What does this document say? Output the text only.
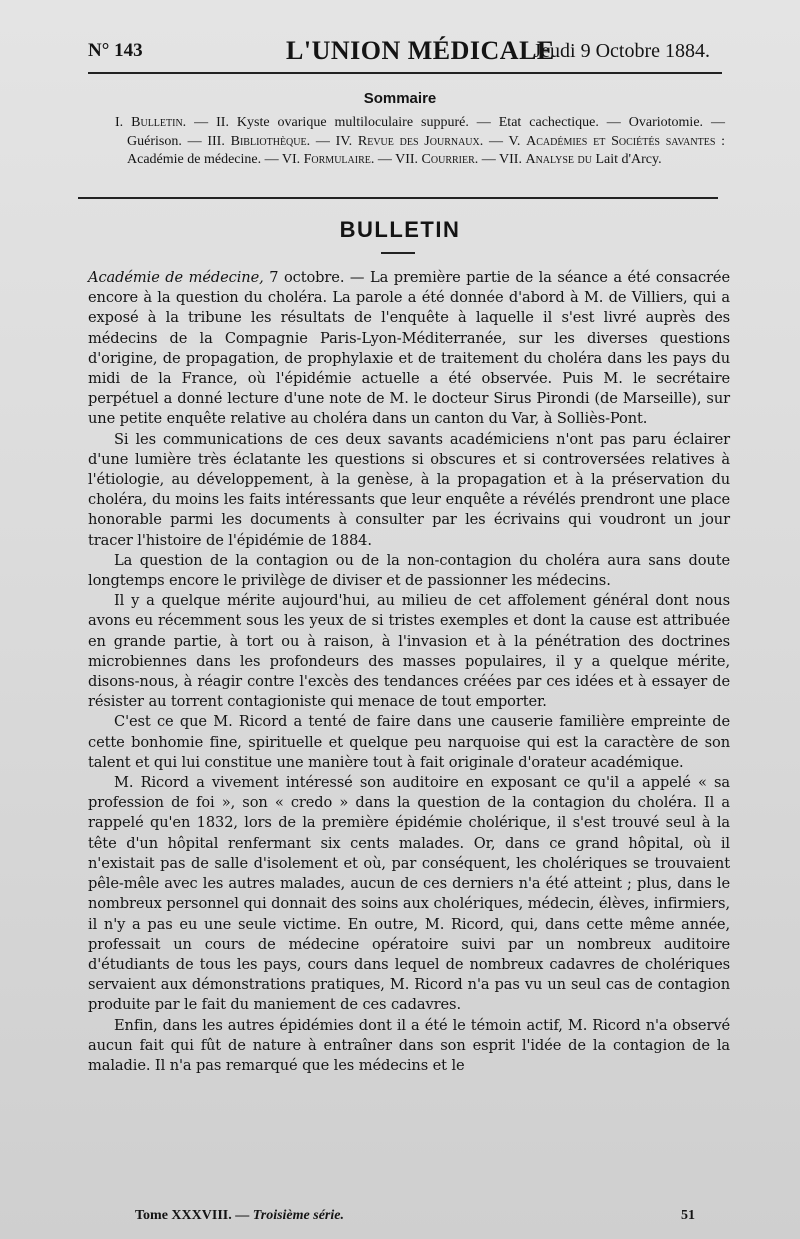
N° 143	L'UNION MÉDICALE
Jeudi 9 Octobre 1884.
Sommaire
I. Bulletin. — II. Kyste ovarique multiloculaire suppuré. — Etat cachectique. — Ovariotomie. — Guérison. — III. Bibliothèque. — IV. Revue des Journaux. — V. Académies et Sociétés savantes : Académie de médecine. — VI. Formulaire. — VII. Courrier. — VII. Analyse du Lait d'Arcy.
BULLETIN

Académie de médecine, 7 octobre. — La première partie de la séance a été consacrée encore à la question du choléra. La parole a été donnée d'abord à M. de Villiers, qui a exposé à la tribune les résultats de l'enquête à laquelle il s'est livré auprès des médecins de la Compagnie Paris-Lyon-Méditerranée, sur les diverses questions d'origine, de propagation, de prophylaxie et de traitement du choléra dans les pays du midi de la France, où l'épidémie actuelle a été observée. Puis M. le secrétaire perpétuel a donné lecture d'une note de M. le docteur Sirus Pirondi (de Marseille), sur une petite enquête relative au choléra dans un canton du Var, à Solliès-Pont.

Si les communications de ces deux savants académiciens n'ont pas paru éclairer d'une lumière très éclatante les questions si obscures et si controversées relatives à l'étiologie, au développement, à la genèse, à la propagation et à la préservation du choléra, du moins les faits intéressants que leur enquête a révélés prendront une place honorable parmi les documents à consulter par les écrivains qui voudront un jour tracer l'histoire de l'épidémie de 1884.

La question de la contagion ou de la non-contagion du choléra aura sans doute longtemps encore le privilège de diviser et de passionner les médecins.

Il y a quelque mérite aujourd'hui, au milieu de cet affolement général dont nous avons eu récemment sous les yeux de si tristes exemples et dont la cause est attribuée en grande partie, à tort ou à raison, à l'invasion et à la pénétration des doctrines microbiennes dans les profondeurs des masses populaires, il y a quelque mérite, disons-nous, à réagir contre l'excès des tendances créées par ces idées et à essayer de résister au torrent contagioniste qui menace de tout emporter.

C'est ce que M. Ricord a tenté de faire dans une causerie familière empreinte de cette bonhomie fine, spirituelle et quelque peu narquoise qui est la caractère de son talent et qui lui constitue une manière tout à fait originale d'orateur académique.

M. Ricord a vivement intéressé son auditoire en exposant ce qu'il a appelé « sa profession de foi », son « credo » dans la question de la contagion du choléra. Il a rappelé qu'en 1832, lors de la première épidémie cholérique, il s'est trouvé seul à la tête d'un hôpital renfermant six cents malades. Or, dans ce grand hôpital, où il n'existait pas de salle d'isolement et où, par conséquent, les cholériques se trouvaient pêle-mêle avec les autres malades, aucun de ces derniers n'a été atteint ; plus, dans le nombreux personnel qui donnait des soins aux cholériques, médecin, élèves, infirmiers, il n'y a pas eu une seule victime. En outre, M. Ricord, qui, dans cette même année, professait un cours de médecine opératoire suivi par un nombreux auditoire d'étudiants de tous les pays, cours dans lequel de nombreux cadavres de cholériques servaient aux démonstrations pratiques, M. Ricord n'a pas vu un seul cas de contagion produite par le fait du maniement de ces cadavres.

Enfin, dans les autres épidémies dont il a été le témoin actif, M. Ricord n'a observé aucun fait qui fût de nature à entraîner dans son esprit l'idée de la contagion de la maladie. Il n'a pas remarqué que les médecins et le

Tome XXXVIII. — Troisième série.	51
